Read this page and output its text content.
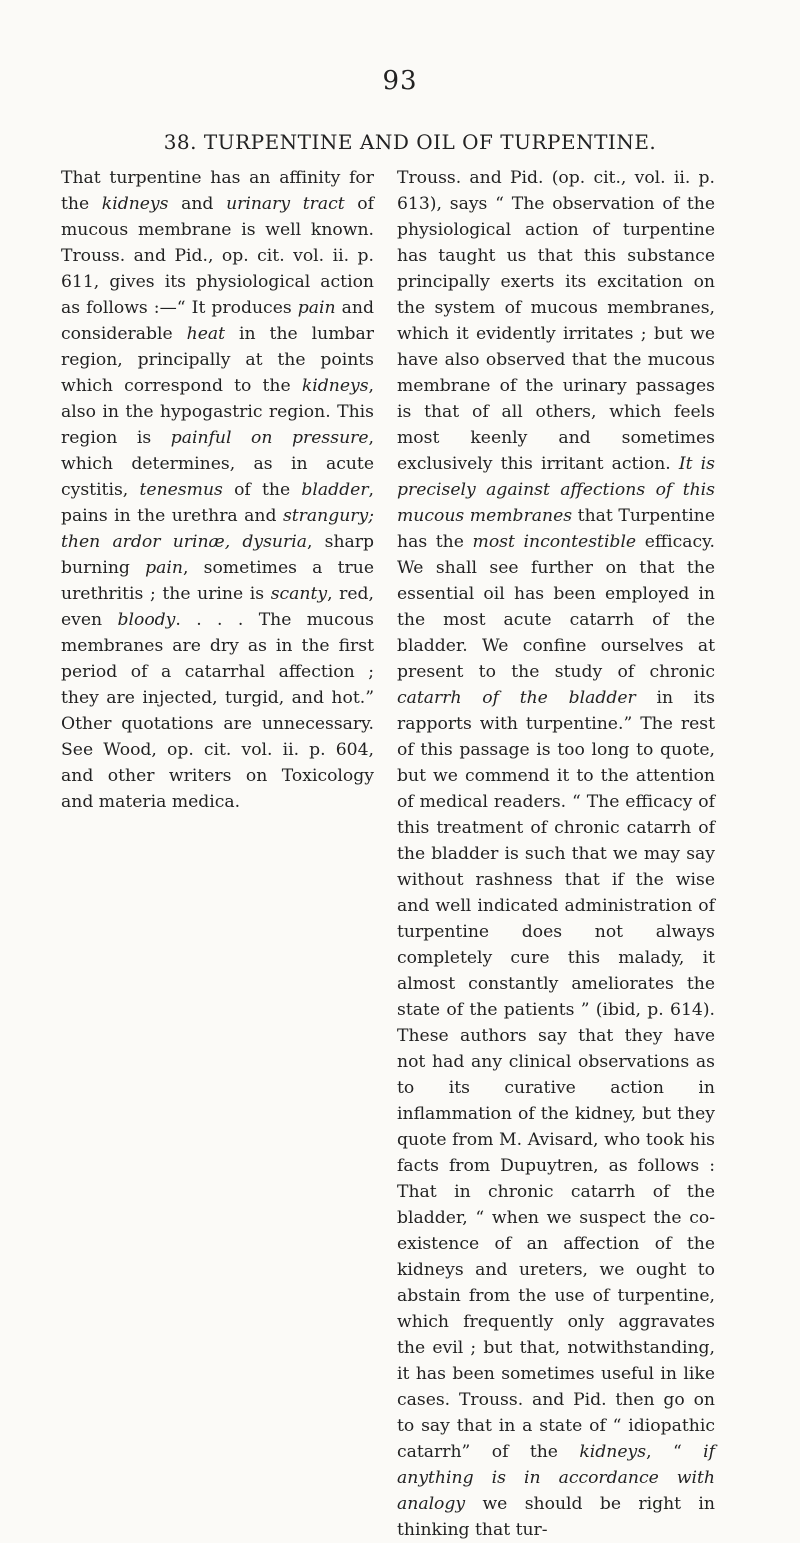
93
38. TURPENTINE AND OIL OF TURPENTINE.

That turpentine has an affinity for the kidneys and urinary tract of mucous membrane is well known. Trouss. and Pid., op. cit. vol. ii. p. 611, gives its physiological action as follows :—“ It produces pain and considerable heat in the lumbar region, principally at the points which correspond to the kidneys, also in the hypogastric region. This region is painful on pressure, which determines, as in acute cystitis, tenesmus of the bladder, pains in the urethra and strangury; then ardor urinæ, dysuria, sharp burning pain, sometimes a true urethritis ; the urine is scanty, red, even bloody. . . . The mucous membranes are dry as in the first period of a catarrhal affection ; they are injected, turgid, and hot.” Other quotations are unnecessary. See Wood, op. cit. vol. ii. p. 604, and other writers on Toxicology and materia medica.

Trouss. and Pid. (op. cit., vol. ii. p. 613), says “ The observation of the physiological action of turpentine has taught us that this substance principally exerts its excitation on the system of mucous membranes, which it evidently irritates ; but we have also observed that the mucous membrane of the urinary passages is that of all others, which feels most keenly and sometimes exclusively this irritant action. It is precisely against affections of this mucous membranes that Turpentine has the most incontestible efficacy. We shall see further on that the essential oil has been employed in the most acute catarrh of the bladder. We confine ourselves at present to the study of chronic catarrh of the bladder in its rapports with turpentine.” The rest of this passage is too long to quote, but we commend it to the attention of medical readers. “ The efficacy of this treatment of chronic catarrh of the bladder is such that we may say without rashness that if the wise and well indicated administration of turpentine does not always completely cure this malady, it almost constantly ameliorates the state of the patients ” (ibid, p. 614). These authors say that they have not had any clinical observations as to its curative action in inflammation of the kidney, but they quote from M. Avisard, who took his facts from Dupuytren, as follows : That in chronic catarrh of the bladder, “ when we suspect the co-existence of an affection of the kidneys and ureters, we ought to abstain from the use of turpentine, which frequently only aggravates the evil ; but that, notwithstanding, it has been sometimes useful in like cases. Trouss. and Pid. then go on to say that in a state of “ idiopathic catarrh” of the kidneys, “ if anything is in accordance with analogy we should be right in thinking that tur-
